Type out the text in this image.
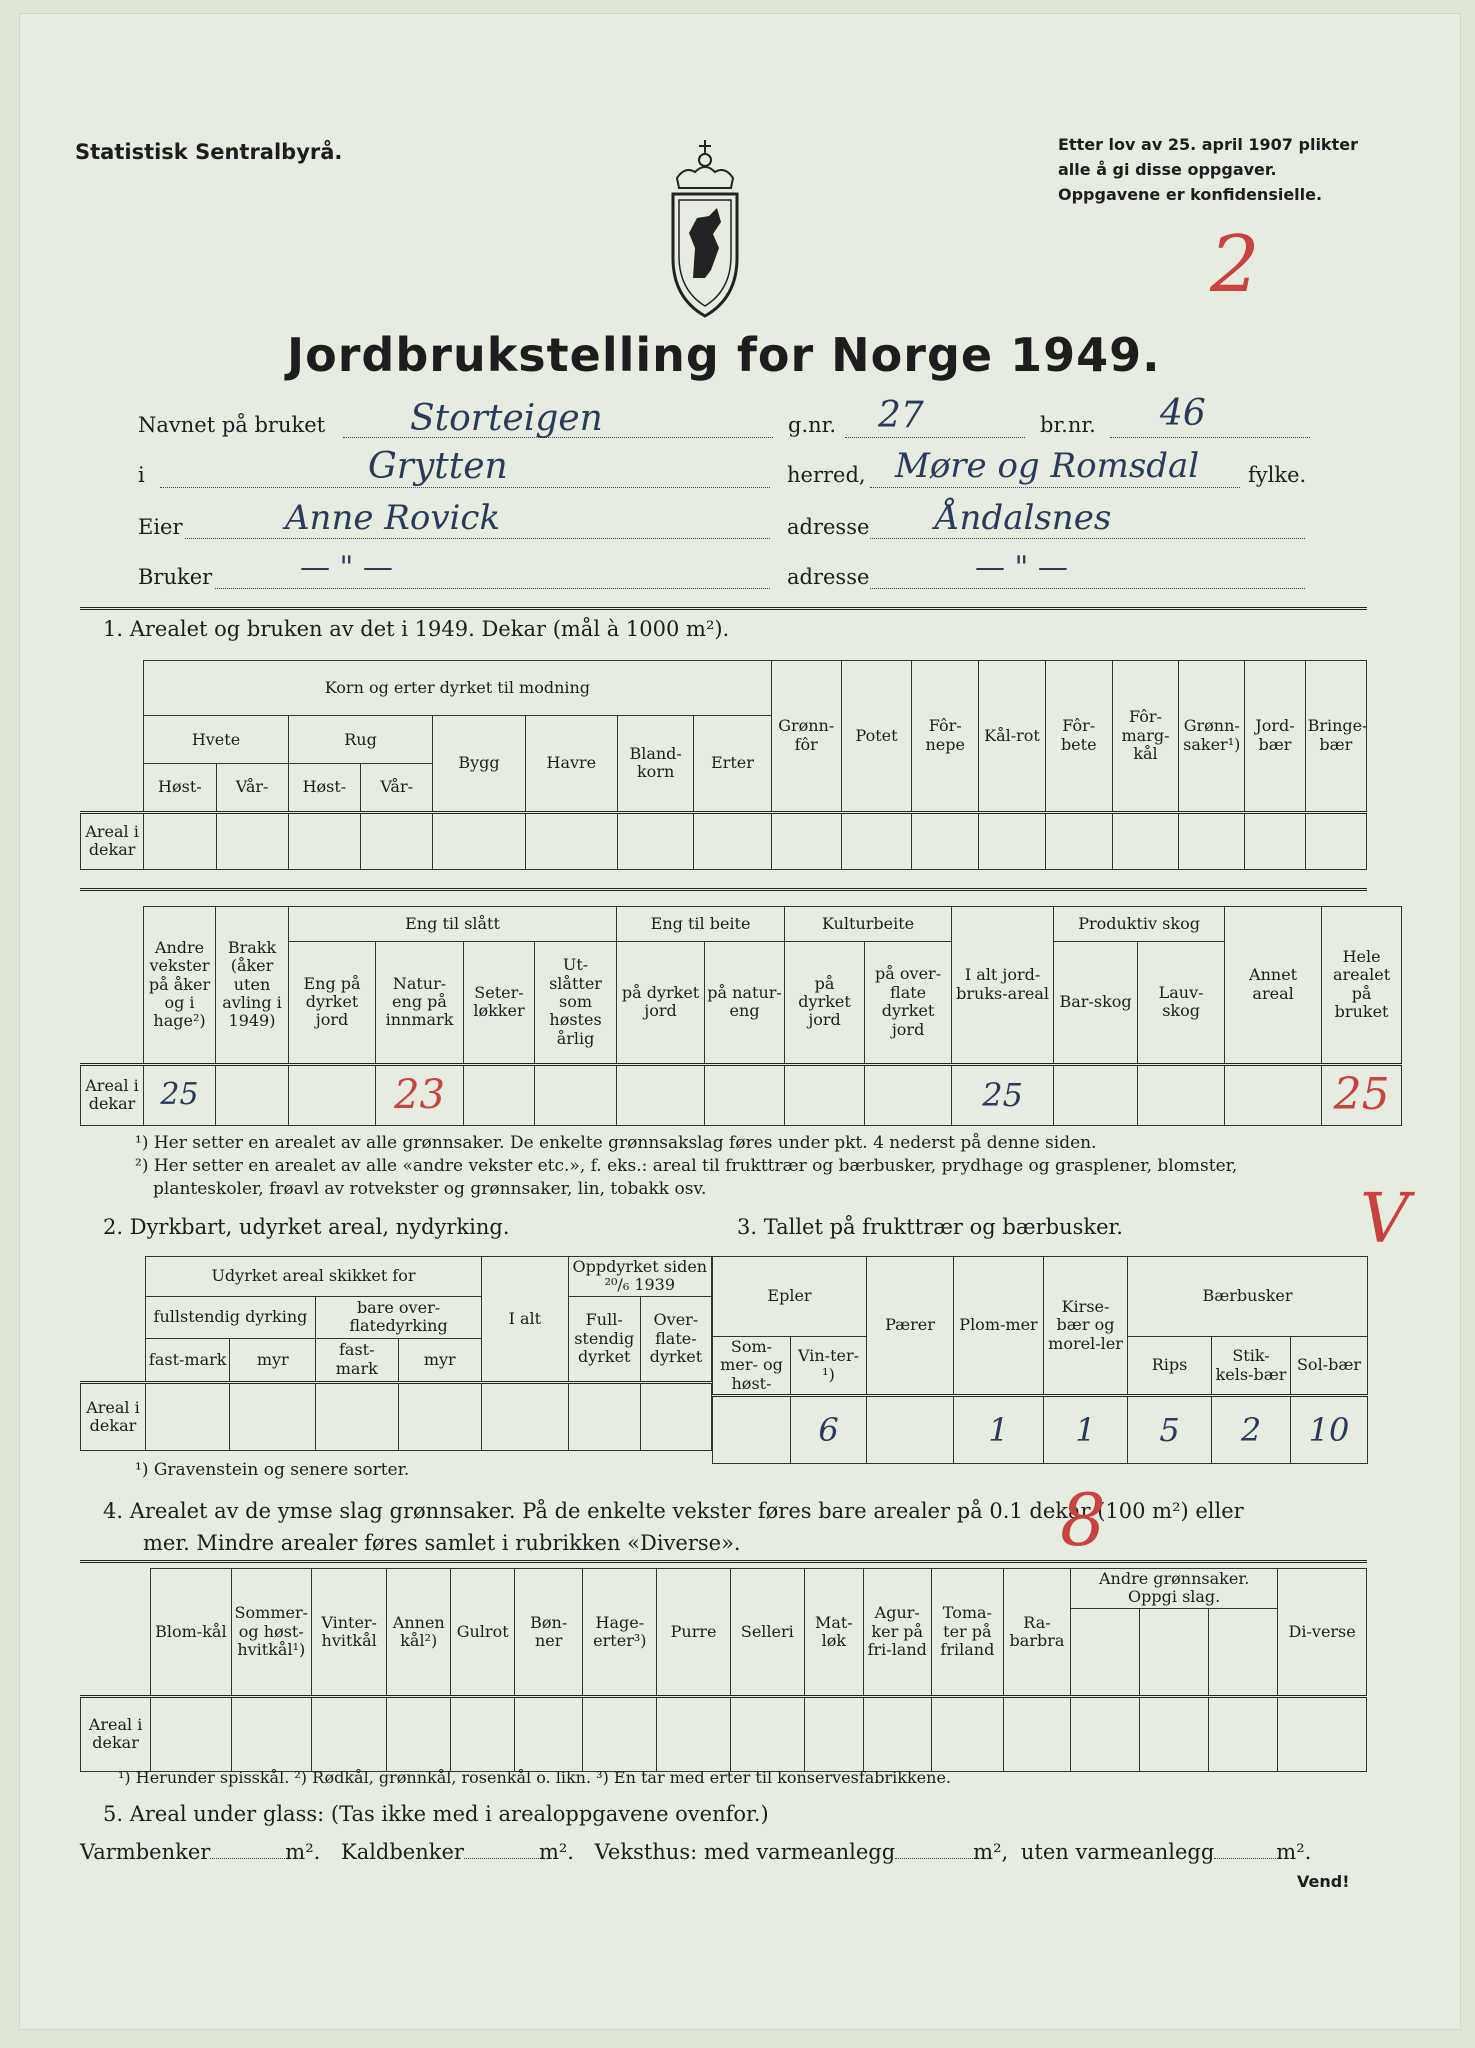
Statistisk Sentralbyrå.	Etter lov av 25. april 1907 plikter
alle å gi disse oppgaver.
Oppgavene er konfidensielle.
2
Jordbrukstelling for Norge 1949.
Navnet på bruket Storteigen	g.nr. 27	br.nr. 46
i	Grytten	herred, Møre og Romsdal fylke.
Eier	Anne Rovick	adresse Åndalsnes
Bruker	— " —	adresse	— " —
1. Arealet og bruken av det i 1949. Dekar (mål à 1000 m²).
	Korn og erter dyrket til modning								Grønn-fôr	Potet	Fôr-nepe	Kål-rot	Fôr-bete	Fôr-marg-kål	Grønn-saker¹)	Jord-bær	Bringe-bær
	Hvete		Rug		Bygg	Havre	Bland-korn	Erter									
	Høst-	Vår-	Høst-	Vår-													
Areal i dekar																	
	Andre vekster på åker og i hage²)	Brakk (åker uten avling i 1949)	Eng til slått				Eng til beite		Kulturbeite		I alt jord-bruks-areal	Produktiv skog		Annet areal	Hele arealet på bruket
			Eng på dyrket jord	Natur-eng på innmark	Seter-løkker	Ut-slåtter som høstes årlig	på dyrket jord	på natur-eng	på dyrket jord	på over-flate dyrket jord		Bar-skog	Lauv-skog		
Areal i dekar	25			23							25				25
¹) Her setter en arealet av alle grønnsaker. De enkelte grønnsakslag føres under pkt. 4 nederst på denne siden.
²) Her setter en arealet av alle «andre vekster etc.», f. eks.: areal til frukttrær og bærbusker, prydhage og grasplener, blomster,
planteskoler, frøavl av rotvekster og grønnsaker, lin, tobakk osv.
2. Dyrkbart, udyrket areal, nydyrking.	3. Tallet på frukttrær og bærbusker.	V
	Udyrket areal skikket for				I alt	Oppdyrket siden ²⁰/₆ 1939	
	fullstendig dyrking		bare over-flatedyrking			Full-stendig dyrket	Over-flate-dyrket
	fast-mark	myr	fast-mark	myr			
Areal i dekar							
Epler		Pærer	Plom-mer	Kirse-bær og morel-ler	Bærbusker		

Som-mer- og høst-	Vin-ter-¹)				Rips	Stik-kels-bær	Sol-bær
	6		1	1	5	2	10
¹) Gravenstein og senere sorter.
4. Arealet av de ymse slag grønnsaker. På de enkelte vekster føres bare arealer på 0.1 dekar (100 m²) eller
mer. Mindre arealer føres samlet i rubrikken «Diverse».	8
	Blom-kål	Sommer-og høst-hvitkål¹)	Vinter-hvitkål	Annen kål²)	Gulrot	Bøn-ner	Hage-erter³)	Purre	Selleri	Mat-løk	Agur-ker på fri-land	Toma-ter på friland	Ra-barbra	Andre grønnsaker. Oppgi slag.			Di-verse

Areal i dekar																	
¹) Herunder spisskål. ²) Rødkål, grønnkål, rosenkål o. likn. ³) En tar med erter til konservesfabrikkene.
5. Areal under glass: (Tas ikke med i arealoppgavene ovenfor.)
Varmbenker	m². Kaldbenker	m². Veksthus: med varmeanlegg	m², uten varmeanlegg	m².
Vend!
